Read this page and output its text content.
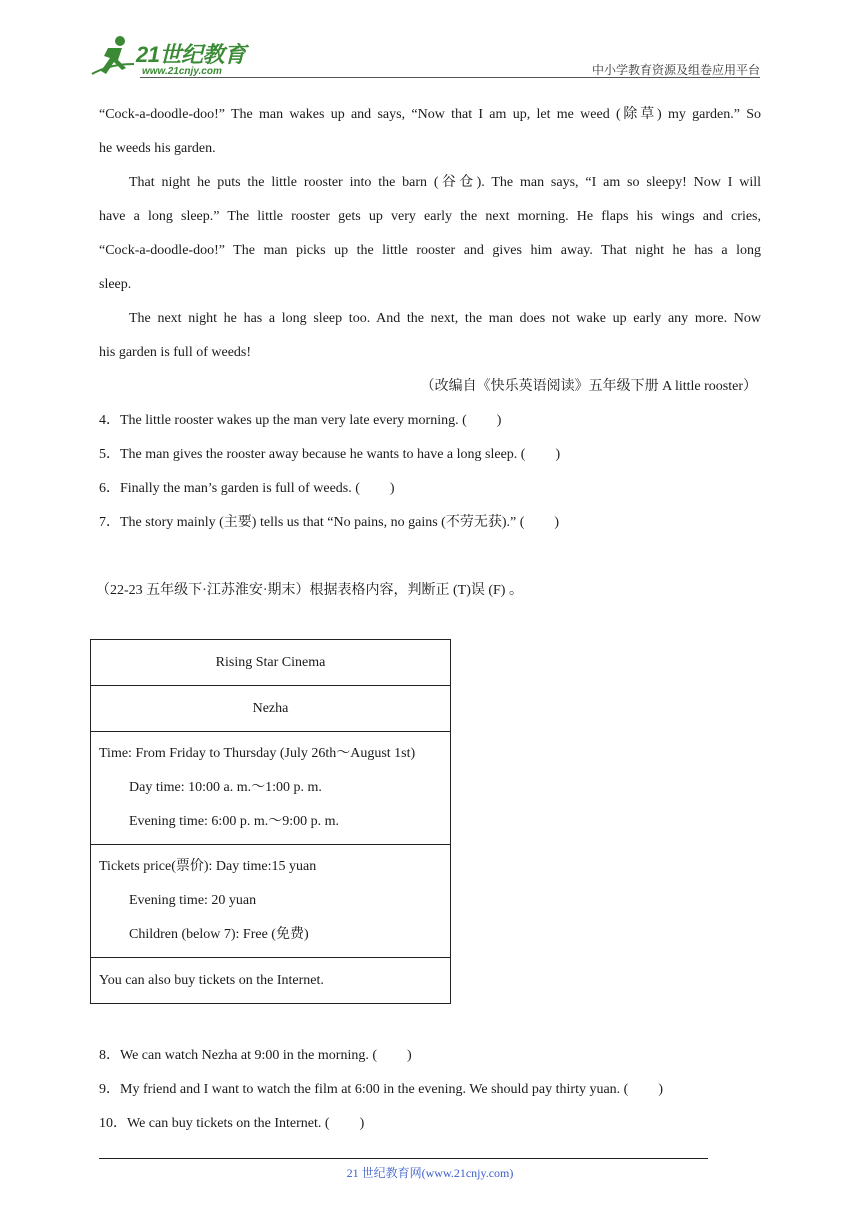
21世纪教育
www.21cnjy.com	中小学教育资源及组卷应用平台
“Cock-a-doodle-doo!” The man wakes up and says, “Now that I am up, let me weed (除草) my garden.” So
he weeds his garden.
That night he puts the little rooster into the barn (谷仓). The man says, “I am so sleepy! Now I will
have a long sleep.” The little rooster gets up very early the next morning. He flaps his wings and cries,
“Cock-a-doodle-doo!” The man picks up the little rooster and gives him away. That night he has a long
sleep.
The next night he has a long sleep too. And the next, the man does not wake up early any more. Now
his garden is full of weeds!
（改编自《快乐英语阅读》五年级下册 A little rooster）
4．The little rooster wakes up the man very late every morning. ( )
5．The man gives the rooster away because he wants to have a long sleep. ( )
6．Finally the man’s garden is full of weeds. ( )
7．The story mainly (主要) tells us that “No pains, no gains (不劳无获).” ( )
（22-23 五年级下·江苏淮安·期末）根据表格内容，判断正 (T)误 (F) 。
Rising Star Cinema
Nezha

Time: From Friday to Thursday (July 26th～August 1st)
Day time: 10:00 a. m.～1:00 p. m.
Evening time: 6:00 p. m.～9:00 p. m.

Tickets price(票价): Day time:15 yuan
Evening time: 20 yuan
Children (below 7): Free (免费)

You can also buy tickets on the Internet.
8．We can watch Nezha at 9:00 in the morning. ( )
9．My friend and I want to watch the film at 6:00 in the evening. We should pay thirty yuan. ( )
10．We can buy tickets on the Internet. ( )
21 世纪教育网(www.21cnjy.com)
